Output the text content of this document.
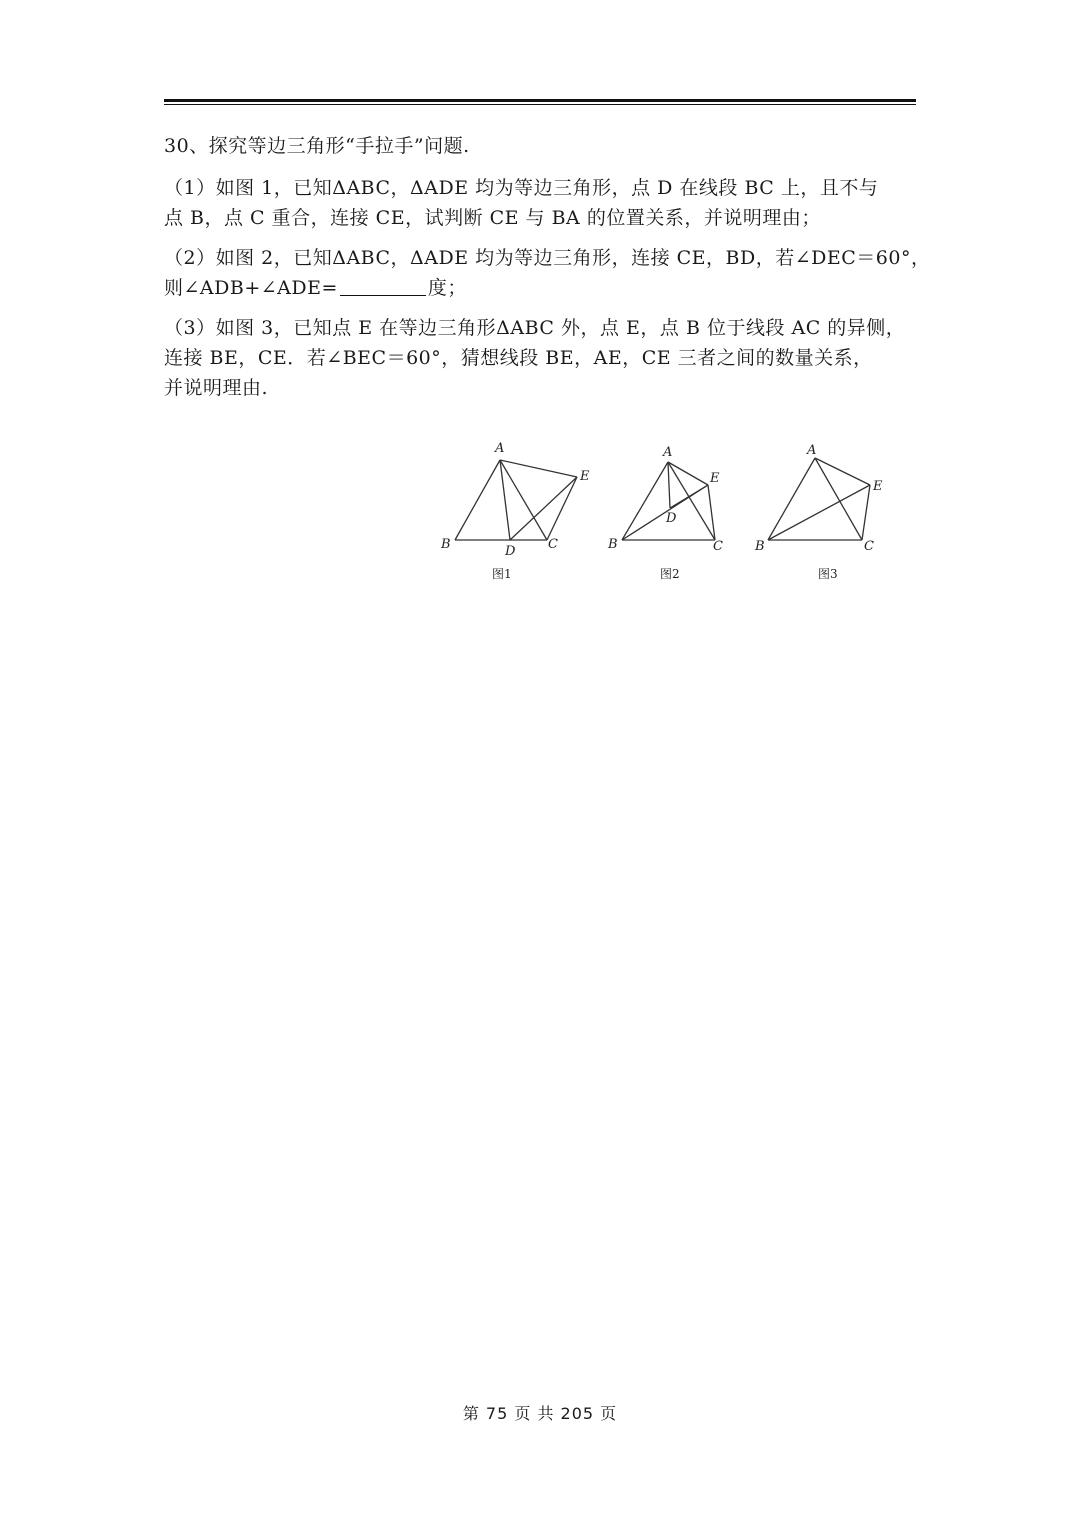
30、探究等边三角形“手拉手”问题.
（1）如图 1，已知ΔABC，ΔADE 均为等边三角形，点 D 在线段 BC 上，且不与
点 B，点 C 重合，连接 CE，试判断 CE 与 BA 的位置关系，并说明理由；
（2）如图 2，已知ΔABC，ΔADE 均为等边三角形，连接 CE，BD，若∠DEC＝60°，
则∠ADB+∠ADE=	度；
（3）如图 3，已知点 E 在等边三角形ΔABC 外，点 E，点 B 位于线段 AC 的异侧，
连接 BE，CE．若∠BEC＝60°，猜想线段 BE，AE，CE 三者之间的数量关系，
并说明理由.
A
B	C
D
E
图1
A
B	C
D
E
图2
A
B	C
E
图3
第 75 页 共 205 页
